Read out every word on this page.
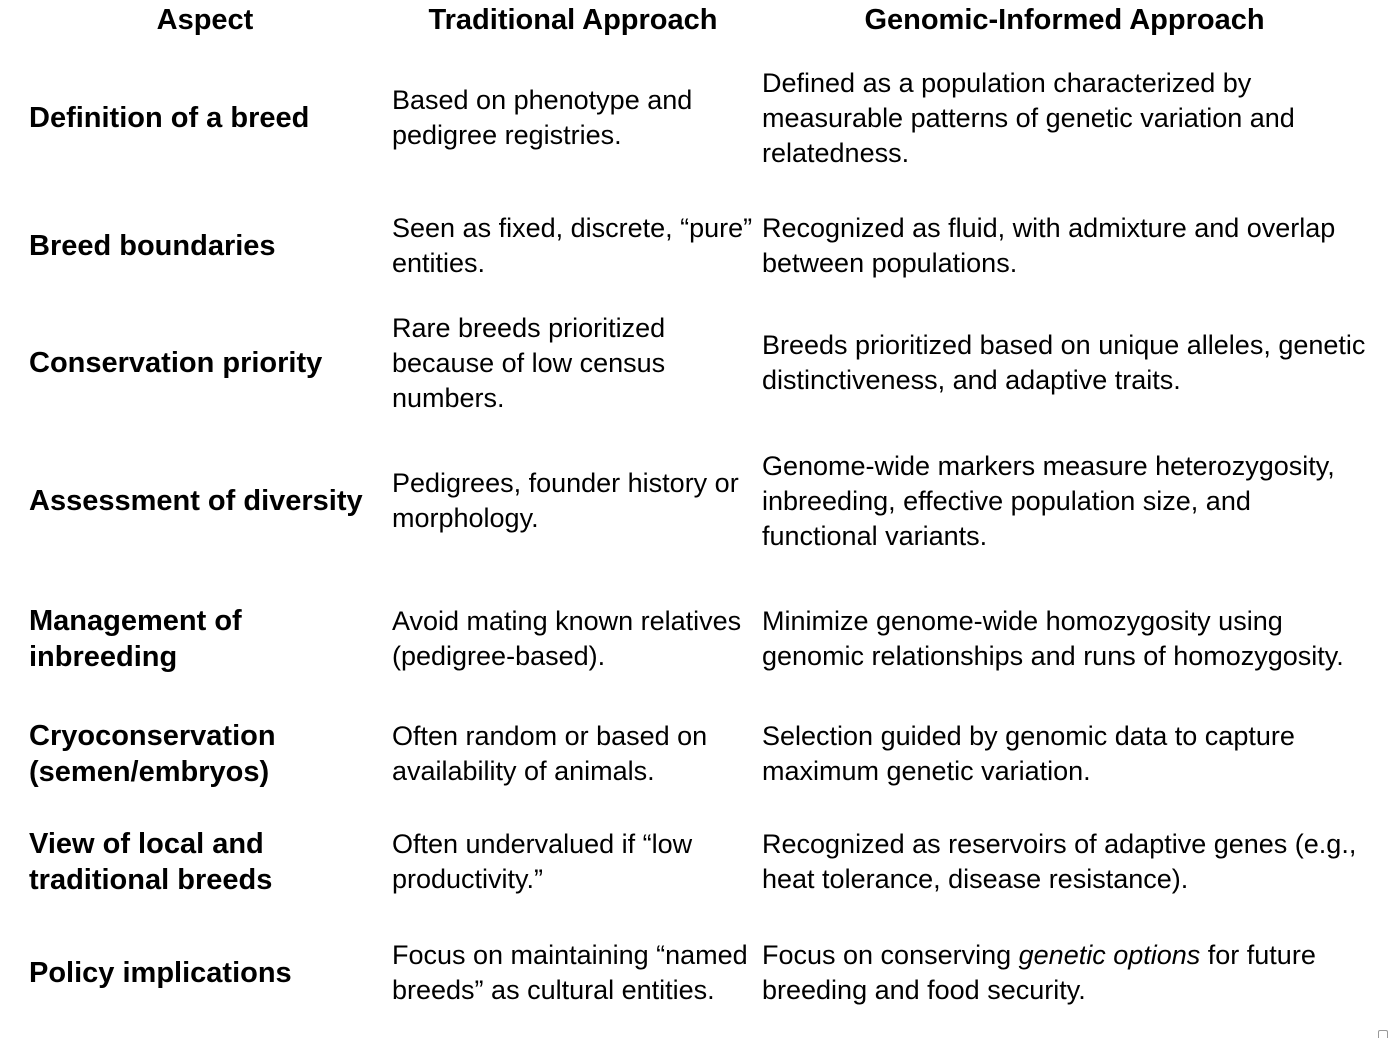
Aspect	Traditional Approach	Genomic-Informed Approach
Definition of a breed
Based on phenotype and pedigree registries.
Defined as a population characterized by measurable patterns of genetic variation and relatedness.
Breed boundaries
Seen as fixed, discrete, “pure” entities.
Recognized as fluid, with admixture and overlap between populations.
Conservation priority
Rare breeds prioritized because of low census numbers.
Breeds prioritized based on unique alleles, genetic distinctiveness, and adaptive traits.
Assessment of diversity
Pedigrees, founder history or morphology.
Genome-wide markers measure heterozygosity, inbreeding, effective population size, and functional variants.
Management of inbreeding
Avoid mating known relatives (pedigree-based).
Minimize genome-wide homozygosity using genomic relationships and runs of homozygosity.
Cryoconservation (semen/embryos)
Often random or based on availability of animals.
Selection guided by genomic data to capture maximum genetic variation.
View of local and traditional breeds
Often undervalued if “low productivity.”
Recognized as reservoirs of adaptive genes (e.g., heat tolerance, disease resistance).
Policy implications
Focus on maintaining “named breeds” as cultural entities.
Focus on conserving genetic options for future breeding and food security.
